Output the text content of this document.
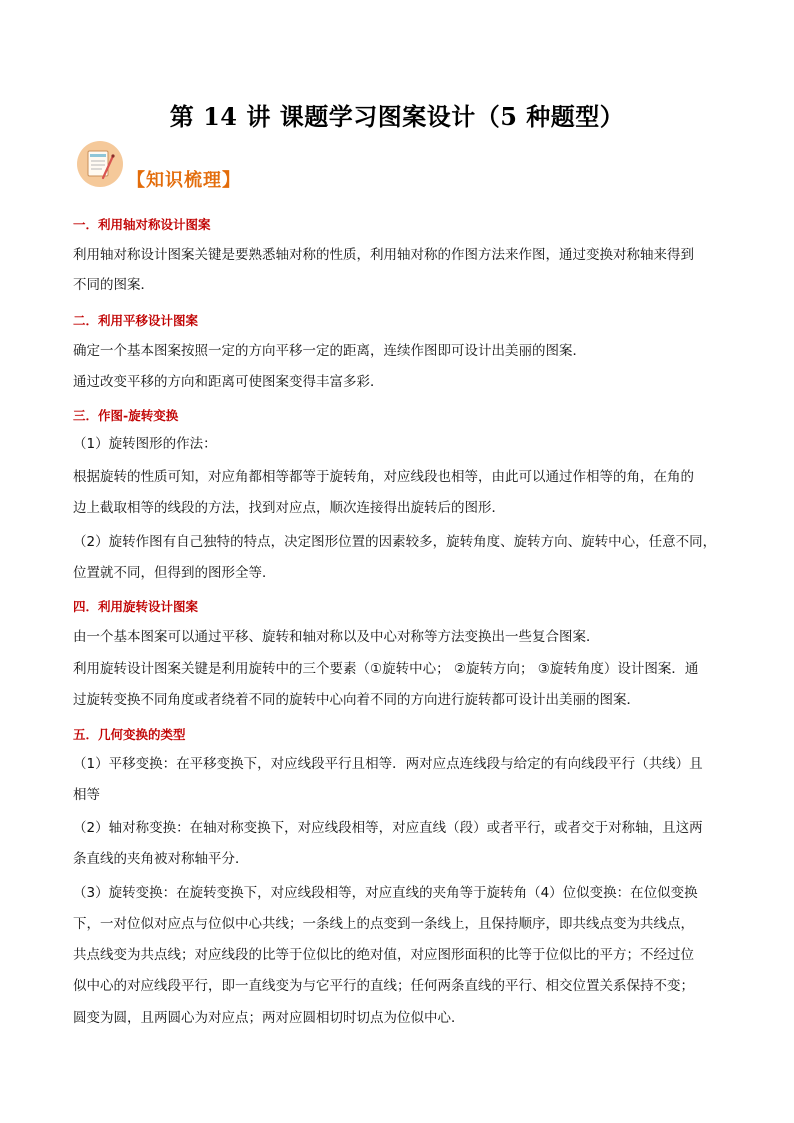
第 14 讲 课题学习图案设计（5 种题型）
【知识梳理】
一．利用轴对称设计图案

利用轴对称设计图案关键是要熟悉轴对称的性质，利用轴对称的作图方法来作图，通过变换对称轴来得到

不同的图案．

二．利用平移设计图案

确定一个基本图案按照一定的方向平移一定的距离，连续作图即可设计出美丽的图案．

通过改变平移的方向和距离可使图案变得丰富多彩．

三．作图-旋转变换

（1）旋转图形的作法：

根据旋转的性质可知，对应角都相等都等于旋转角，对应线段也相等，由此可以通过作相等的角，在角的

边上截取相等的线段的方法，找到对应点，顺次连接得出旋转后的图形．

（2）旋转作图有自己独特的特点，决定图形位置的因素较多，旋转角度、旋转方向、旋转中心，任意不同，

位置就不同，但得到的图形全等．

四．利用旋转设计图案

由一个基本图案可以通过平移、旋转和轴对称以及中心对称等方法变换出一些复合图案．

利用旋转设计图案关键是利用旋转中的三个要素（①旋转中心； ②旋转方向； ③旋转角度）设计图案．通

过旋转变换不同角度或者绕着不同的旋转中心向着不同的方向进行旋转都可设计出美丽的图案．

五．几何变换的类型

（1）平移变换：在平移变换下，对应线段平行且相等．两对应点连线段与给定的有向线段平行（共线）且

相等

（2）轴对称变换：在轴对称变换下，对应线段相等，对应直线（段）或者平行，或者交于对称轴，且这两

条直线的夹角被对称轴平分．

（3）旋转变换：在旋转变换下，对应线段相等，对应直线的夹角等于旋转角（4）位似变换：在位似变换

下，一对位似对应点与位似中心共线；一条线上的点变到一条线上，且保持顺序，即共线点变为共线点，

共点线变为共点线；对应线段的比等于位似比的绝对值，对应图形面积的比等于位似比的平方；不经过位

似中心的对应线段平行，即一直线变为与它平行的直线；任何两条直线的平行、相交位置关系保持不变；

圆变为圆，且两圆心为对应点；两对应圆相切时切点为位似中心．
